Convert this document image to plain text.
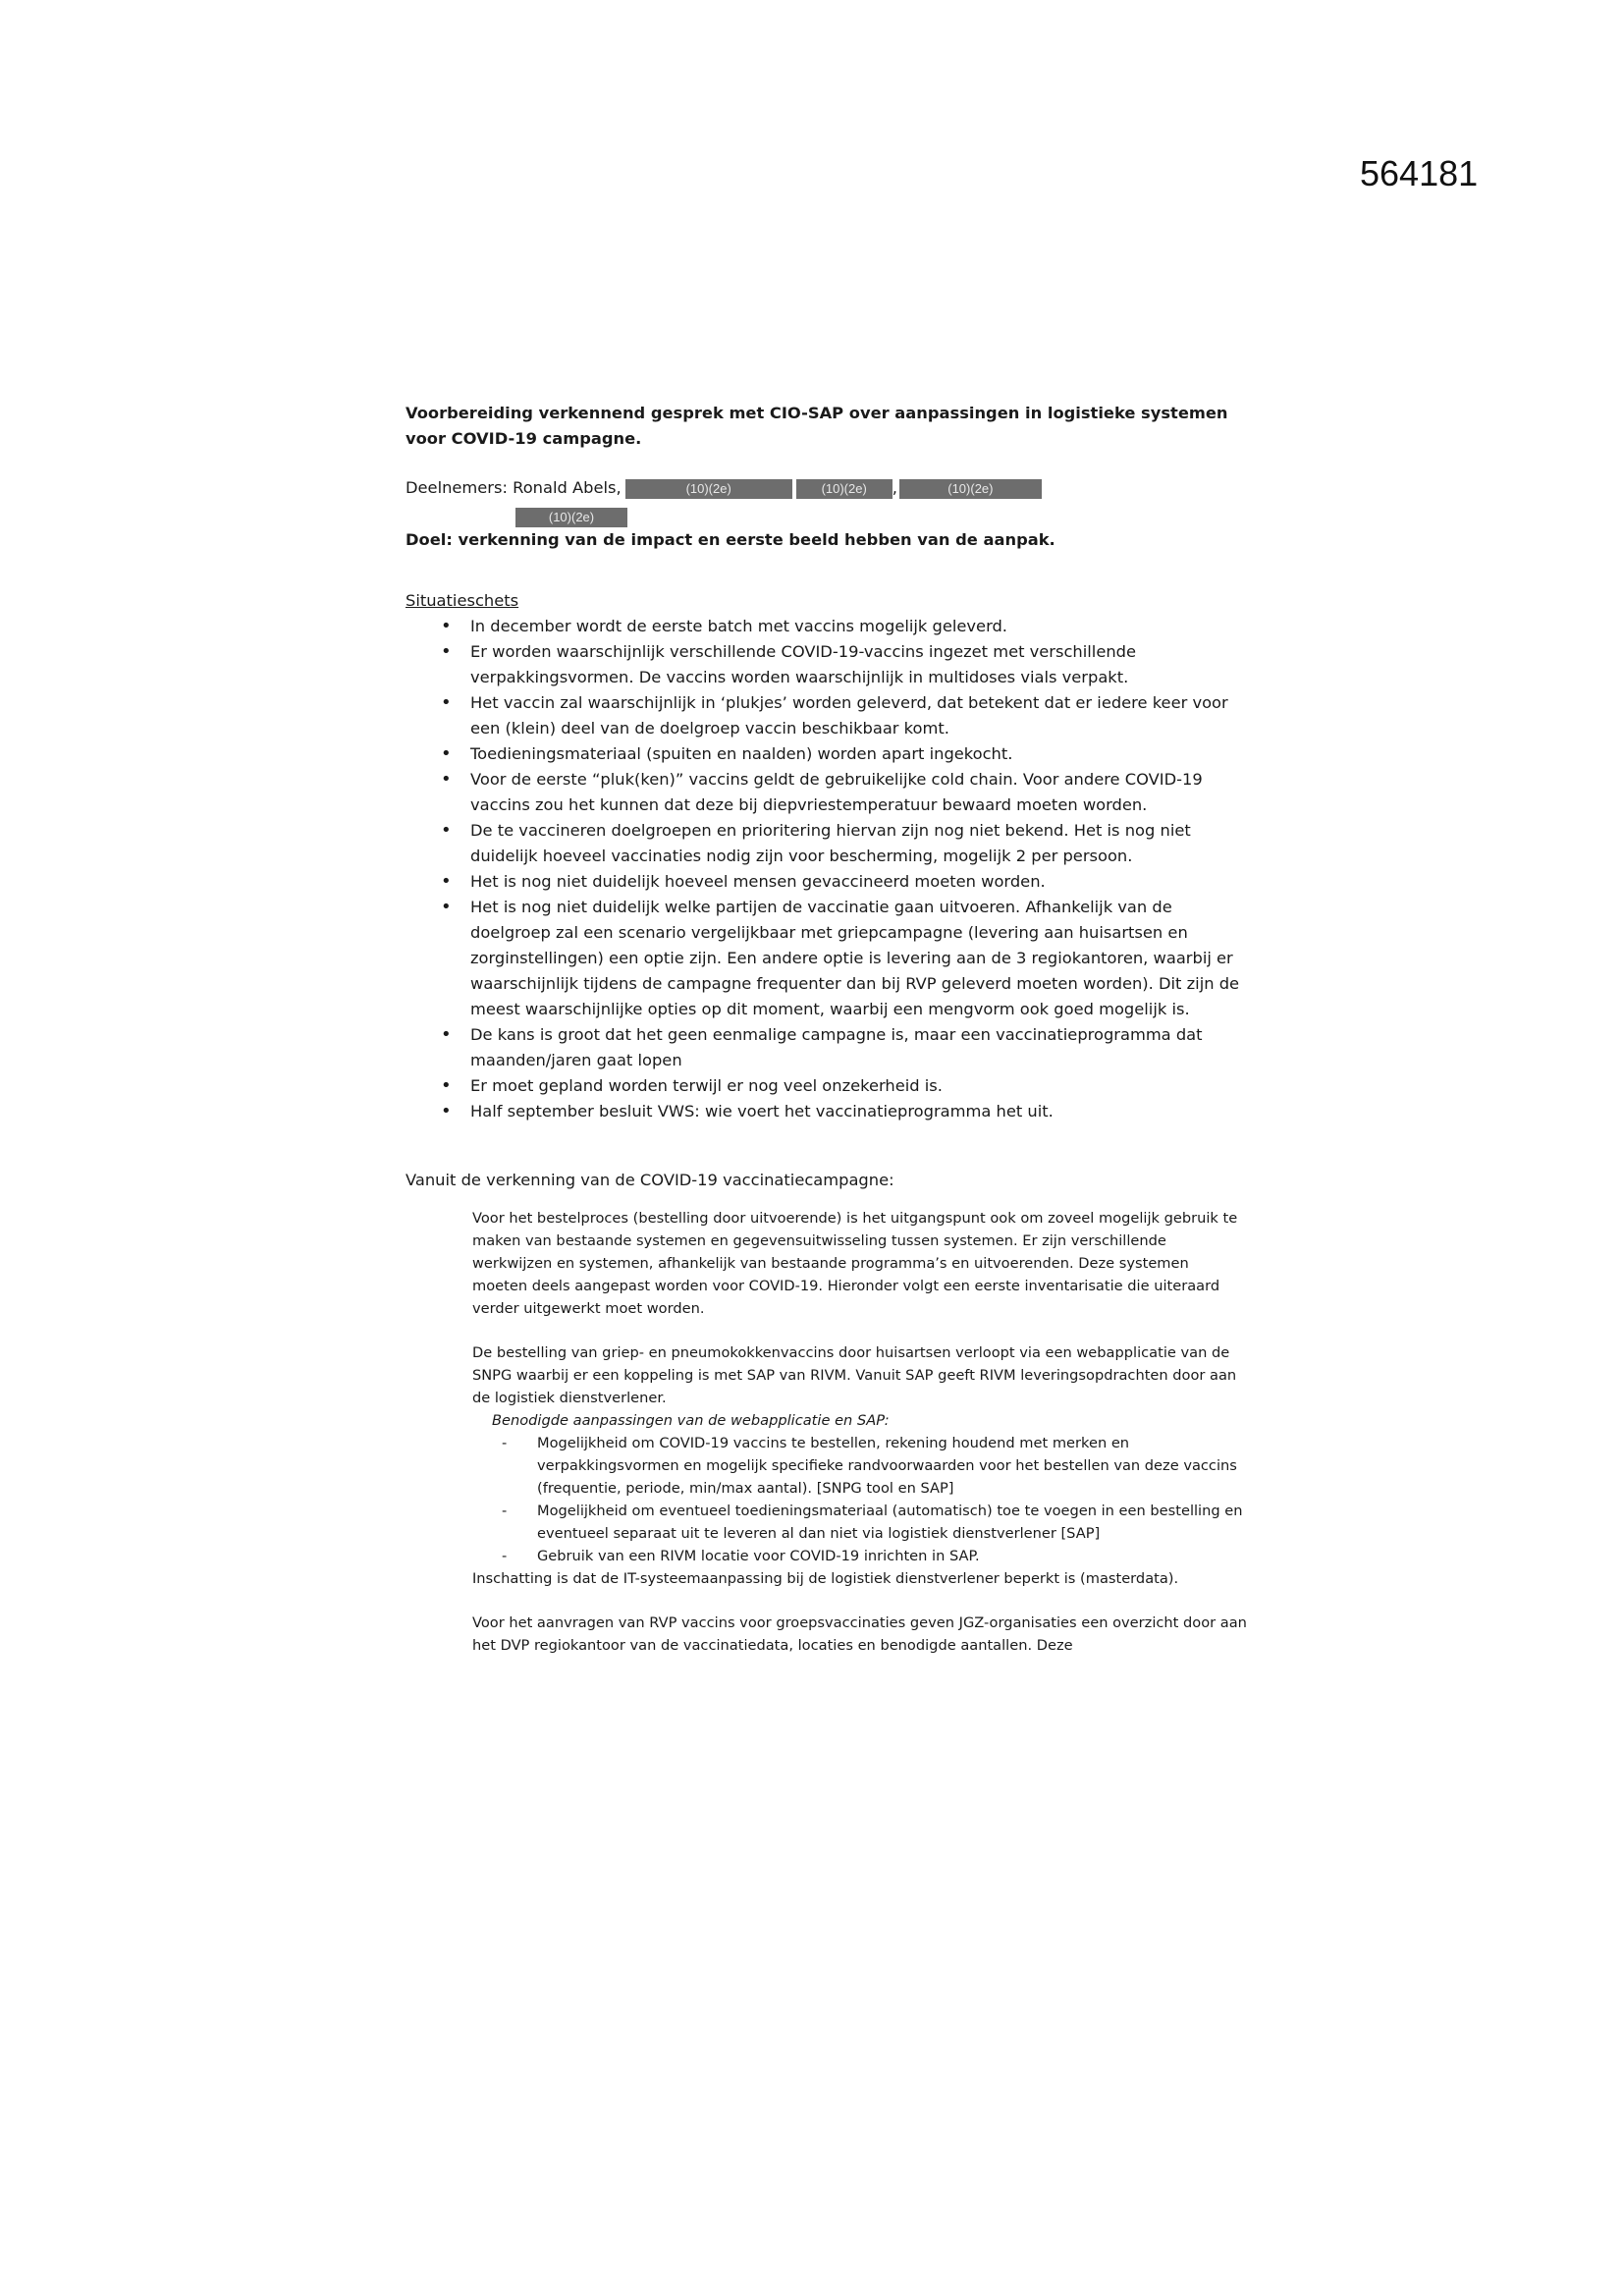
564181

Voorbereiding verkennend gesprek met CIO-SAP over aanpassingen in logistieke systemen voor COVID-19 campagne.

Deelnemers: Ronald Abels,	(10)(2e)	(10)(2e) ,	(10)(2e)
(10)(2e)
Doel: verkenning van de impact en eerste beeld hebben van de aanpak.
Situatieschets
• In december wordt de eerste batch met vaccins mogelijk geleverd.
• Er worden waarschijnlijk verschillende COVID-19-vaccins ingezet met verschillende verpakkingsvormen. De vaccins worden waarschijnlijk in multidoses vials verpakt.
• Het vaccin zal waarschijnlijk in ‘plukjes’ worden geleverd, dat betekent dat er iedere keer voor een (klein) deel van de doelgroep vaccin beschikbaar komt.
• Toedieningsmateriaal (spuiten en naalden) worden apart ingekocht.
• Voor de eerste “pluk(ken)” vaccins geldt de gebruikelijke cold chain. Voor andere COVID-19 vaccins zou het kunnen dat deze bij diepvriestemperatuur bewaard moeten worden.
• De te vaccineren doelgroepen en prioritering hiervan zijn nog niet bekend. Het is nog niet duidelijk hoeveel vaccinaties nodig zijn voor bescherming, mogelijk 2 per persoon.
• Het is nog niet duidelijk hoeveel mensen gevaccineerd moeten worden.
• Het is nog niet duidelijk welke partijen de vaccinatie gaan uitvoeren. Afhankelijk van de doelgroep zal een scenario vergelijkbaar met griepcampagne (levering aan huisartsen en zorginstellingen) een optie zijn. Een andere optie is levering aan de 3 regiokantoren, waarbij er waarschijnlijk tijdens de campagne frequenter dan bij RVP geleverd moeten worden). Dit zijn de meest waarschijnlijke opties op dit moment, waarbij een mengvorm ook goed mogelijk is.
• De kans is groot dat het geen eenmalige campagne is, maar een vaccinatieprogramma dat maanden/jaren gaat lopen
• Er moet gepland worden terwijl er nog veel onzekerheid is.
• Half september besluit VWS: wie voert het vaccinatieprogramma het uit.
Vanuit de verkenning van de COVID-19 vaccinatiecampagne:

Voor het bestelproces (bestelling door uitvoerende) is het uitgangspunt ook om zoveel mogelijk gebruik te maken van bestaande systemen en gegevensuitwisseling tussen systemen. Er zijn verschillende werkwijzen en systemen, afhankelijk van bestaande programma’s en uitvoerenden. Deze systemen moeten deels aangepast worden voor COVID-19. Hieronder volgt een eerste inventarisatie die uiteraard verder uitgewerkt moet worden.

De bestelling van griep- en pneumokokkenvaccins door huisartsen verloopt via een webapplicatie van de SNPG waarbij er een koppeling is met SAP van RIVM. Vanuit SAP geeft RIVM leveringsopdrachten door aan de logistiek dienstverlener.

Benodigde aanpassingen van de webapplicatie en SAP:

- Mogelijkheid om COVID-19 vaccins te bestellen, rekening houdend met merken en verpakkingsvormen en mogelijk specifieke randvoorwaarden voor het bestellen van deze vaccins (frequentie, periode, min/max aantal). [SNPG tool en SAP]
- Mogelijkheid om eventueel toedieningsmateriaal (automatisch) toe te voegen in een bestelling en eventueel separaat uit te leveren al dan niet via logistiek dienstverlener [SAP]
- Gebruik van een RIVM locatie voor COVID-19 inrichten in SAP.

Inschatting is dat de IT-systeemaanpassing bij de logistiek dienstverlener beperkt is (masterdata).

Voor het aanvragen van RVP vaccins voor groepsvaccinaties geven JGZ-organisaties een overzicht door aan het DVP regiokantoor van de vaccinatiedata, locaties en benodigde aantallen. Deze
